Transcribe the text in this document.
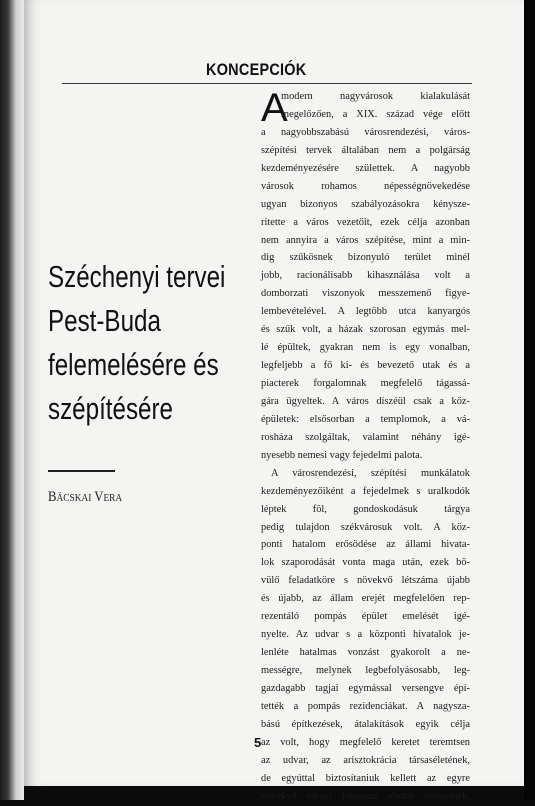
KONCEPCIÓK
Széchenyi tervei
Pest-Buda
felemelésére és
szépítésére
Bácskai Vera
A
modern nagyvárosok kialakulását
megelőzően, a XIX. század vége előtt
a nagyobbszabású városrendezési, város-
szépítési tervek általában nem a polgárság
kezdeményezésére születtek. A nagyobb
városok rohamos népességnövekedése
ugyan bizonyos szabályozásokra kénysze-
rítette a város vezetőit, ezek célja azonban
nem annyira a város szépítése, mint a min-
dig szűkösnek bizonyuló terület minél
jobb, racionálisabb kihasználása volt a
domborzati viszonyok messzemenő figye-
lembevételével. A legtöbb utca kanyargós
és szűk volt, a házak szorosan egymás mel-
lé épültek, gyakran nem is egy vonalban,
legfeljebb a fő ki- és bevezető utak és a
piacterek forgalomnak megfelelő tágassá-
gára ügyeltek. A város díszéül csak a köz-
épületek: elsősorban a templomok, a vá-
rosháza szolgáltak, valamint néhány igé-
nyesebb nemesi vagy fejedelmi palota.
A városrendezési, szépítési munkálatok
kezdeményezőiként a fejedelmek s uralkodók
léptek föl, gondoskodásuk tárgya
pedig tulajdon székvárosuk volt. A köz-
ponti hatalom erősödése az állami hivata-
lok szaporodását vonta maga után, ezek bő-
vülő feladatköre s növekvő létszáma újabb
és újabb, az állam erejét megfelelően rep-
rezentáló pompás épület emelését igé-
nyelte. Az udvar s a központi hivatalok je-
lenléte hatalmas vonzást gyakorolt a ne-
mességre, melynek legbefolyásosabb, leg-
gazdagabb tagjai egymással versengve épí-
tették a pompás rezidenciákat. A nagysza-
bású építkezések, átalakítások egyik célja
az volt, hogy megfelelő keretet teremtsen
az udvar, az arisztokrácia társaséletének,
de egyúttal biztosítaniuk kellett az egyre
növekvő városi lakosság alsóbb rétegeinek,
5
